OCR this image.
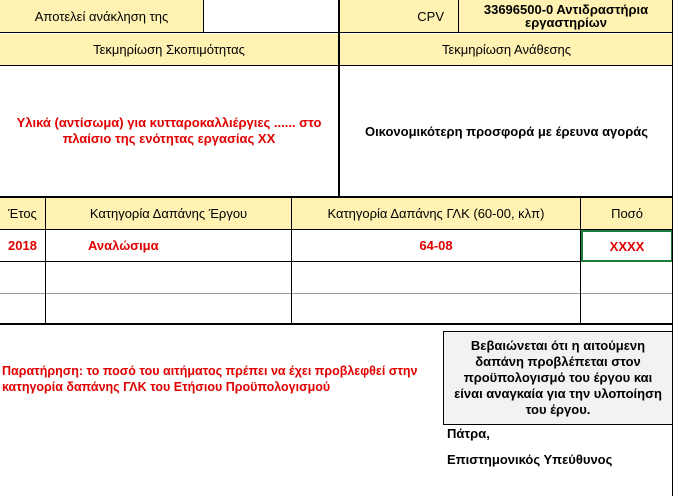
Αποτελεί ανάκληση της	CPV	33696500-0 Αντιδραστήρια εργαστηρίων
Τεκμηρίωση Σκοπιμότητας	Τεκμηρίωση Ανάθεσης
Υλικά (αντίσωμα) για κυτταροκαλλιέργιες ...... στο πλαίσιο της ενότητας εργασίας ΧΧ	Οικονομικότερη προσφορά με έρευνα αγοράς
Έτος	Κατηγορία Δαπάνης Έργου	Κατηγορία Δαπάνης ΓΛΚ (60-00, κλπ)	Ποσό
2018	Αναλώσιμα	64-08	XXXX
Παρατήρηση: το ποσό του αιτήματος πρέπει να έχει προβλεφθεί στην κατηγορία δαπάνης ΓΛΚ του Ετήσιου Προϋπολογισμού
Βεβαιώνεται ότι η αιτούμενη δαπάνη προβλέπεται στον προϋπολογισμό του έργου και είναι αναγκαία για την υλοποίηση του έργου.
Πάτρα,
Επιστημονικός Υπεύθυνος
